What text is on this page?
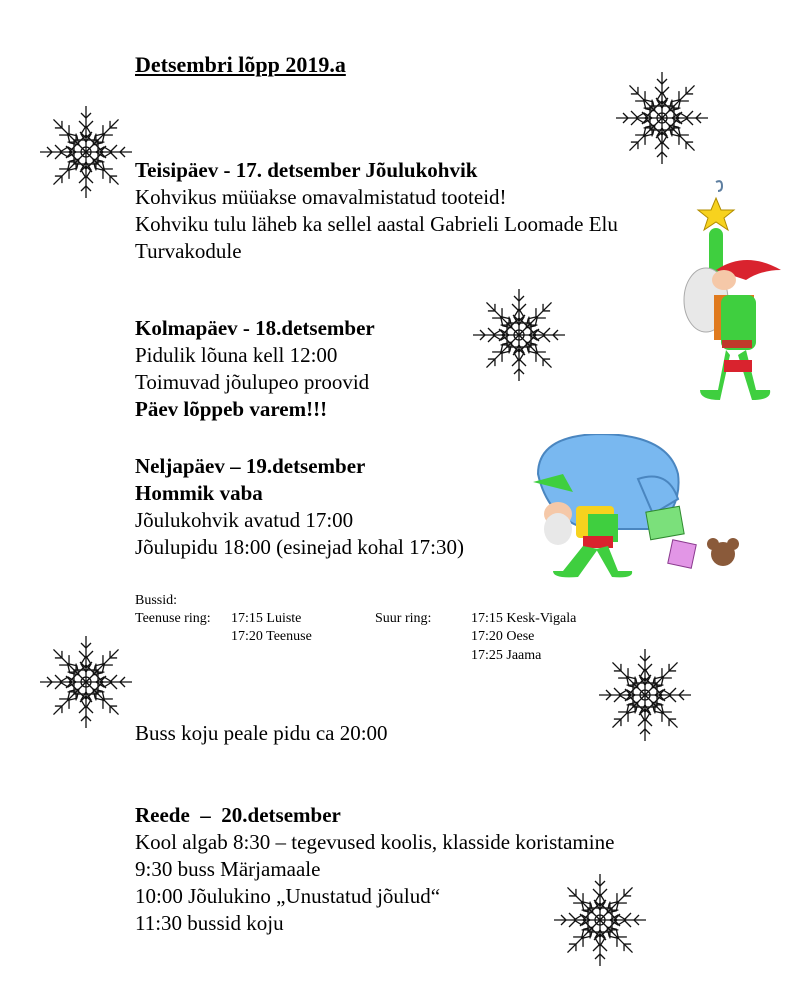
Detsembri lõpp 2019.a
Teisipäev - 17. detsember Jõulukohvik
Kohvikus müüakse omavalmistatud tooteid!
Kohviku tulu läheb ka sellel aastal Gabrieli Loomade Elu
Turvakodule
Kolmapäev - 18.detsember
Pidulik lõuna kell 12:00
Toimuvad jõulupeo proovid
Päev lõppeb varem!!!
Neljapäev – 19.detsember
Hommik vaba
Jõulukohvik avatud 17:00
Jõulupidu 18:00 (esinejad kohal 17:30)
Bussid:
Teenuse ring: 17:15 Luiste
17:20 Teenuse
Suur ring:	17:15 Kesk-Vigala
17:20 Oese
17:25 Jaama
Buss koju peale pidu ca 20:00
Reede  –  20.detsember
Kool algab 8:30 – tegevused koolis, klasside koristamine
9:30 buss Märjamaale
10:00 Jõulukino „Unustatud jõulud“
11:30 bussid koju
